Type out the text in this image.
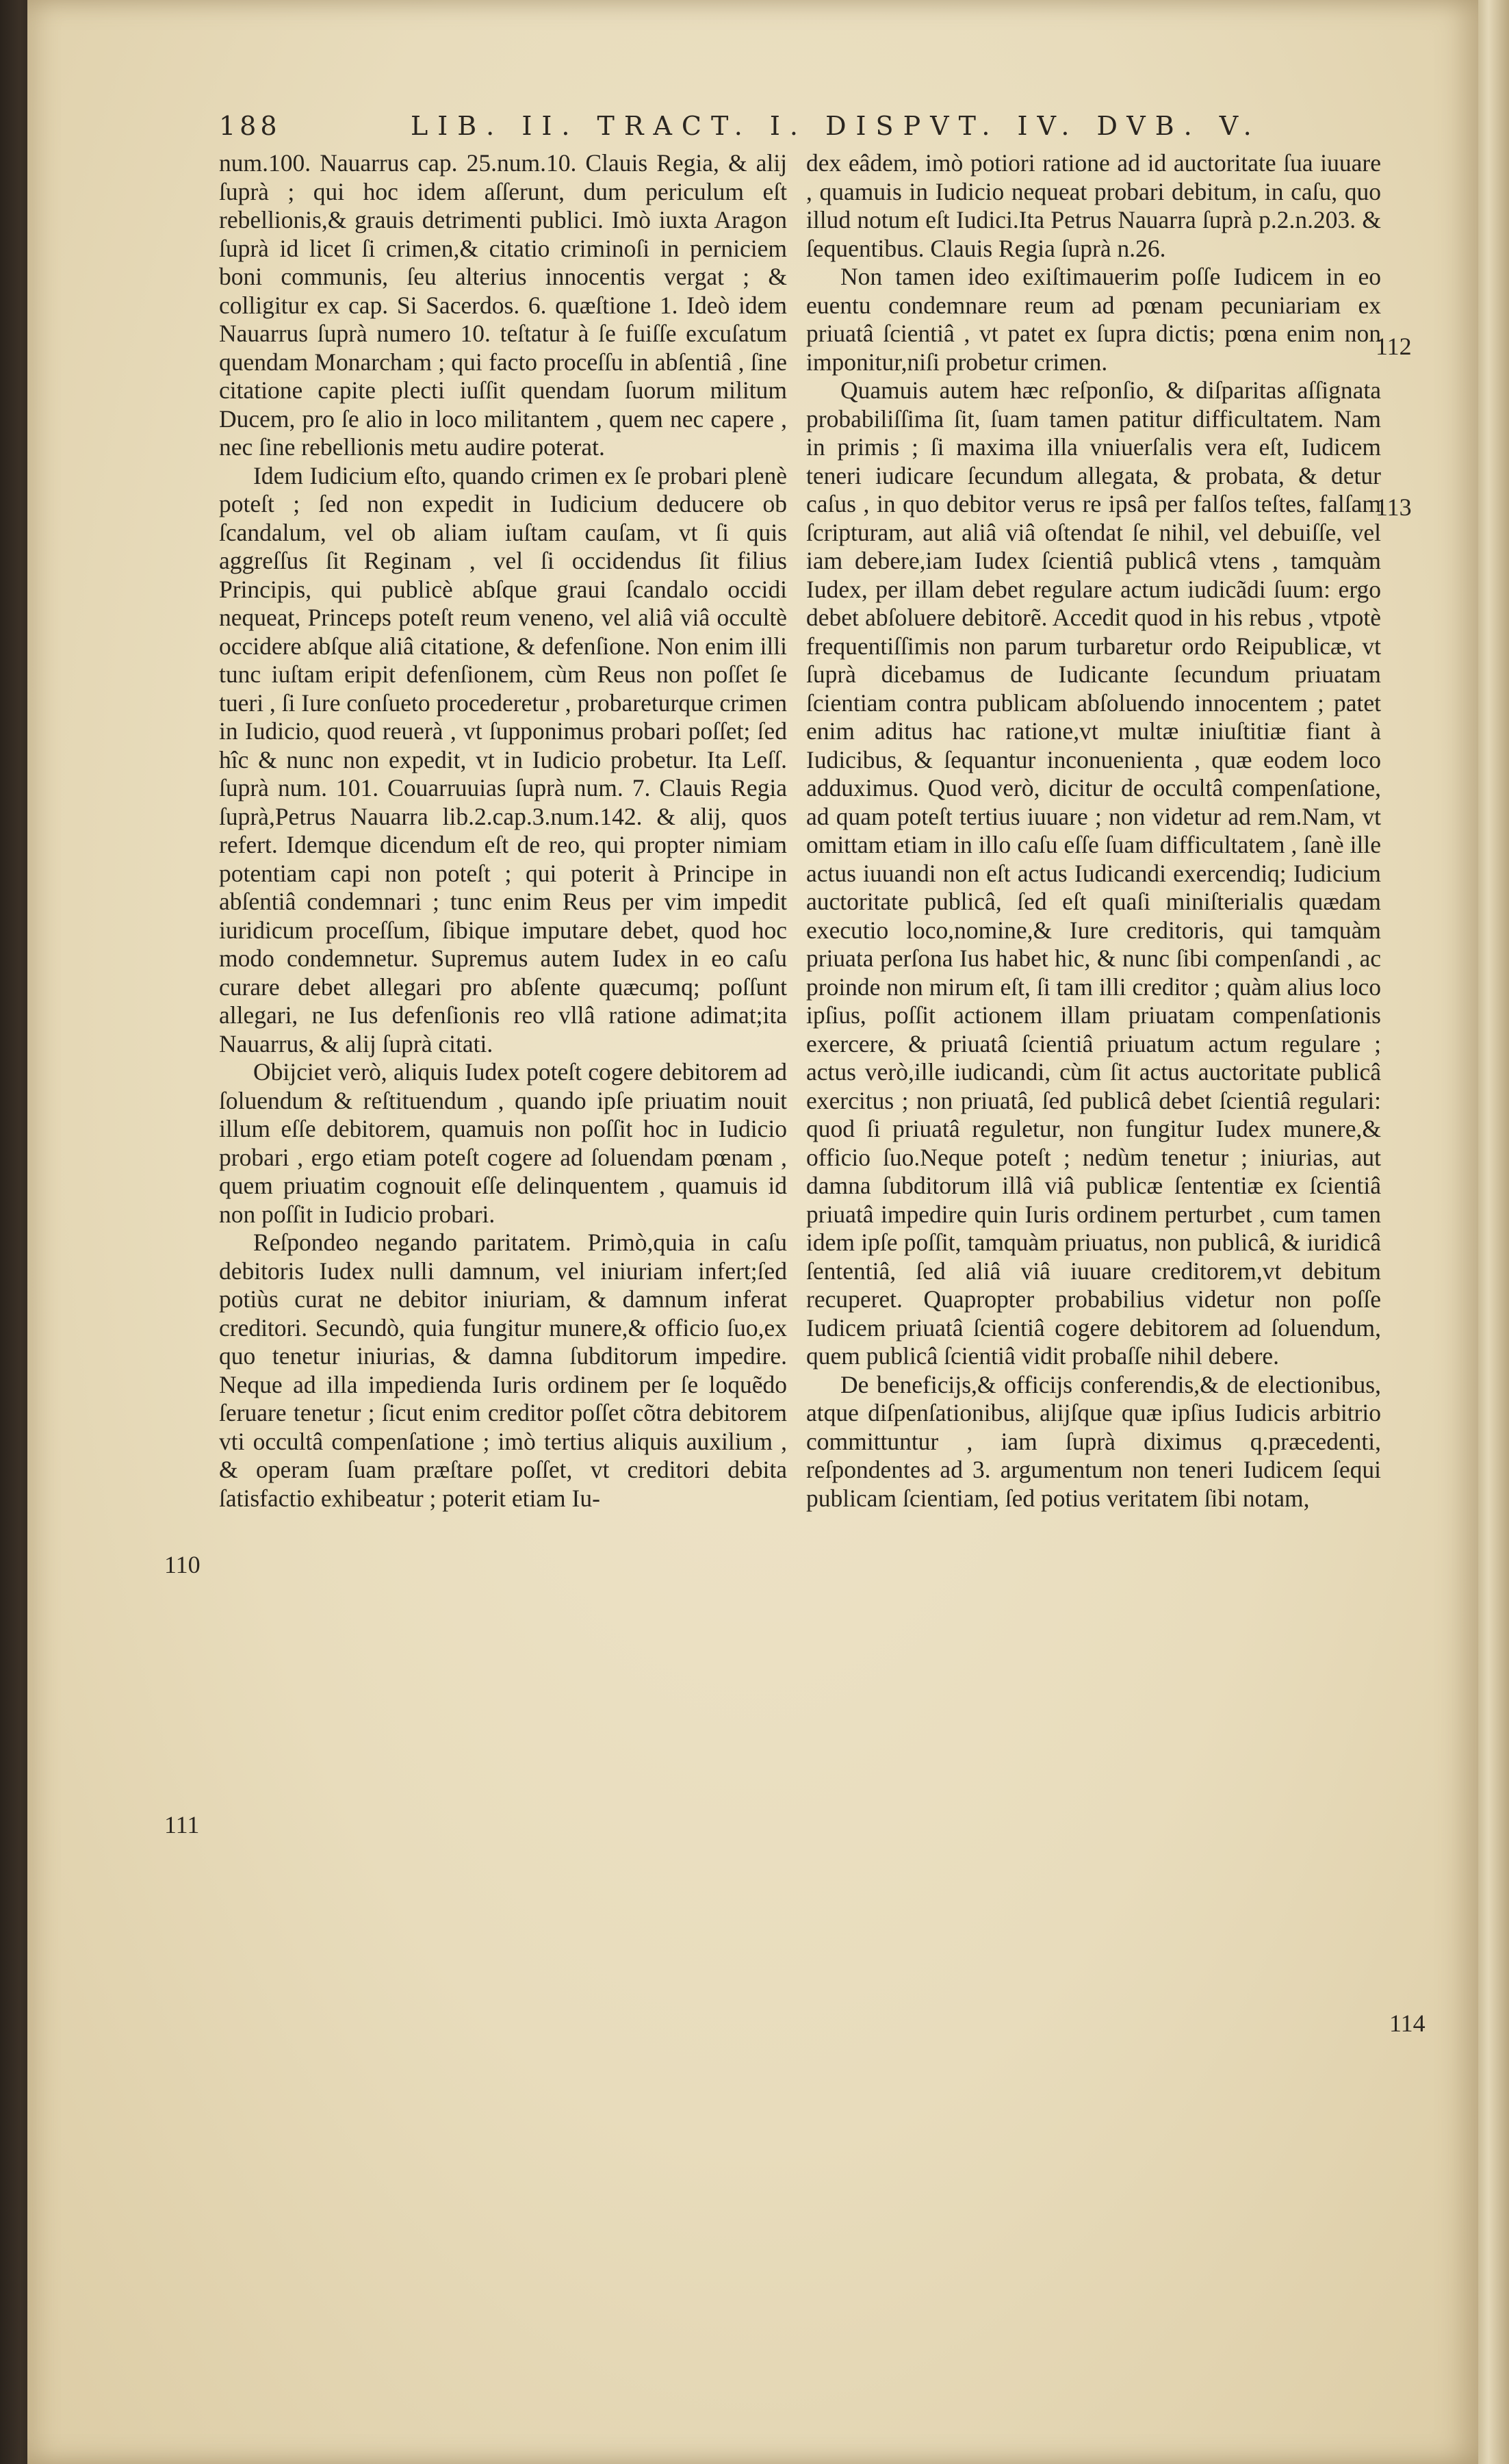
188	LIB. II. TRACT. I. DISPVT. IV. DVB. V.

num.100. Nauarrus cap. 25.num.10. Clauis Regia, & alij ſuprà ; qui hoc idem aſſerunt, dum periculum eſt rebellionis,& grauis detrimenti publici. Imò iuxta Aragon ſuprà id licet ſi crimen,& citatio criminoſi in perniciem boni communis, ſeu alterius innocentis vergat ; & colligitur ex cap. Si Sacerdos. 6. quæſtione 1. Ideò idem Nauarrus ſuprà numero 10. teſtatur à ſe fuiſſe excuſatum quendam Monarcham ; qui facto proceſſu in abſentiâ , ſine citatione capite plecti iuſſit quendam ſuorum militum Ducem, pro ſe alio in loco militantem , quem nec capere , nec ſine rebellionis metu audire poterat.

Idem Iudicium eſto, quando crimen ex ſe probari plenè poteſt ; ſed non expedit in Iudicium deducere ob ſcandalum, vel ob aliam iuſtam cauſam, vt ſi quis aggreſſus ſit Reginam , vel ſi occidendus ſit filius Principis, qui publicè abſque graui ſcandalo occidi nequeat, Princeps poteſt reum veneno, vel aliâ viâ occultè occidere abſque aliâ citatione, & defenſione. Non enim illi tunc iuſtam eripit defenſionem, cùm Reus non poſſet ſe tueri , ſi Iure conſueto procederetur , probareturque crimen in Iudicio, quod reuerà , vt ſupponimus probari poſſet; ſed hîc & nunc non expedit, vt in Iudicio probetur. Ita Leſſ. ſuprà num. 101. Couarruuias ſuprà num. 7. Clauis Regia ſuprà,Petrus Nauarra lib.2.cap.3.num.142. & alij, quos refert. Idemque dicendum eſt de reo, qui propter nimiam potentiam capi non poteſt ; qui poterit à Principe in abſentiâ condemnari ; tunc enim Reus per vim impedit iuridicum proceſſum, ſibique imputare debet, quod hoc modo condemnetur. Supremus autem Iudex in eo caſu curare debet allegari pro abſente quæcumq; poſſunt allegari, ne Ius defenſionis reo vllâ ratione adimat;ita Nauarrus, & alij ſuprà citati.

Obijciet verò, aliquis Iudex poteſt cogere debitorem ad ſoluendum & reſtituendum , quando ipſe priuatim nouit illum eſſe debitorem, quamuis non poſſit hoc in Iudicio probari , ergo etiam poteſt cogere ad ſoluendam pœnam , quem priuatim cognouit eſſe delinquentem , quamuis id non poſſit in Iudicio probari.

Reſpondeo negando paritatem. Primò,quia in caſu debitoris Iudex nulli damnum, vel iniuriam infert;ſed potiùs curat ne debitor iniuriam, & damnum inferat creditori. Secundò, quia fungitur munere,& officio ſuo,ex quo tenetur iniurias, & damna ſubditorum impedire. Neque ad illa impedienda Iuris ordinem per ſe loquẽdo ſeruare tenetur ; ſicut enim creditor poſſet cõtra debitorem vti occultâ compenſatione ; imò tertius aliquis auxilium , & operam ſuam præſtare poſſet, vt creditori debita ſatisfactio exhibeatur ; poterit etiam Iu-

dex eâdem, imò potiori ratione ad id auctoritate ſua iuuare , quamuis in Iudicio nequeat probari debitum, in caſu, quo illud notum eſt Iudici.Ita Petrus Nauarra ſuprà p.2.n.203. & ſequentibus. Clauis Regia ſuprà n.26.

Non tamen ideo exiſtimauerim poſſe Iudicem in eo euentu condemnare reum ad pœnam pecuniariam ex priuatâ ſcientiâ , vt patet ex ſupra dictis; pœna enim non imponitur,niſi probetur crimen.

Quamuis autem hæc reſponſio, & diſparitas aſſignata probabiliſſima ſit, ſuam tamen patitur difficultatem. Nam in primis ; ſi maxima illa vniuerſalis vera eſt, Iudicem teneri iudicare ſecundum allegata, & probata, & detur caſus , in quo debitor verus re ipsâ per falſos teſtes, falſam ſcripturam, aut aliâ viâ oſtendat ſe nihil, vel debuiſſe, vel iam debere,iam Iudex ſcientiâ publicâ vtens , tamquàm Iudex, per illam debet regulare actum iudicãdi ſuum: ergo debet abſoluere debitorẽ. Accedit quod in his rebus , vtpotè frequentiſſimis non parum turbaretur ordo Reipublicæ, vt ſuprà dicebamus de Iudicante ſecundum priuatam ſcientiam contra publicam abſoluendo innocentem ; patet enim aditus hac ratione,vt multæ iniuſtitiæ fiant à Iudicibus, & ſequantur inconuenienta , quæ eodem loco adduximus. Quod verò, dicitur de occultâ compenſatione, ad quam poteſt tertius iuuare ; non videtur ad rem.Nam, vt omittam etiam in illo caſu eſſe ſuam difficultatem , ſanè ille actus iuuandi non eſt actus Iudicandi exercendiq; Iudicium auctoritate publicâ, ſed eſt quaſi miniſterialis quædam executio loco,nomine,& Iure creditoris, qui tamquàm priuata perſona Ius habet hic, & nunc ſibi compenſandi , ac proinde non mirum eſt, ſi tam illi creditor ; quàm alius loco ipſius, poſſit actionem illam priuatam compenſationis exercere, & priuatâ ſcientiâ priuatum actum regulare ; actus verò,ille iudicandi, cùm ſit actus auctoritate publicâ exercitus ; non priuatâ, ſed publicâ debet ſcientiâ regulari: quod ſi priuatâ reguletur, non fungitur Iudex munere,& officio ſuo.Neque poteſt ; nedùm tenetur ; iniurias, aut damna ſubditorum illâ viâ publicæ ſententiæ ex ſcientiâ priuatâ impedire quin Iuris ordinem perturbet , cum tamen idem ipſe poſſit, tamquàm priuatus, non publicâ, & iuridicâ ſententiâ, ſed aliâ viâ iuuare creditorem,vt debitum recuperet. Quapropter probabilius videtur non poſſe Iudicem priuatâ ſcientiâ cogere debitorem ad ſoluendum, quem publicâ ſcientiâ vidit probaſſe nihil debere.

De beneficijs,& officijs conferendis,& de electionibus, atque diſpenſationibus, alijſque quæ ipſius Iudicis arbitrio committuntur , iam ſuprà diximus q.præcedenti, reſpondentes ad 3. argumentum non teneri Iudicem ſequi publicam ſcientiam, ſed potius veritatem ſibi notam,

110
111
112
113
114
